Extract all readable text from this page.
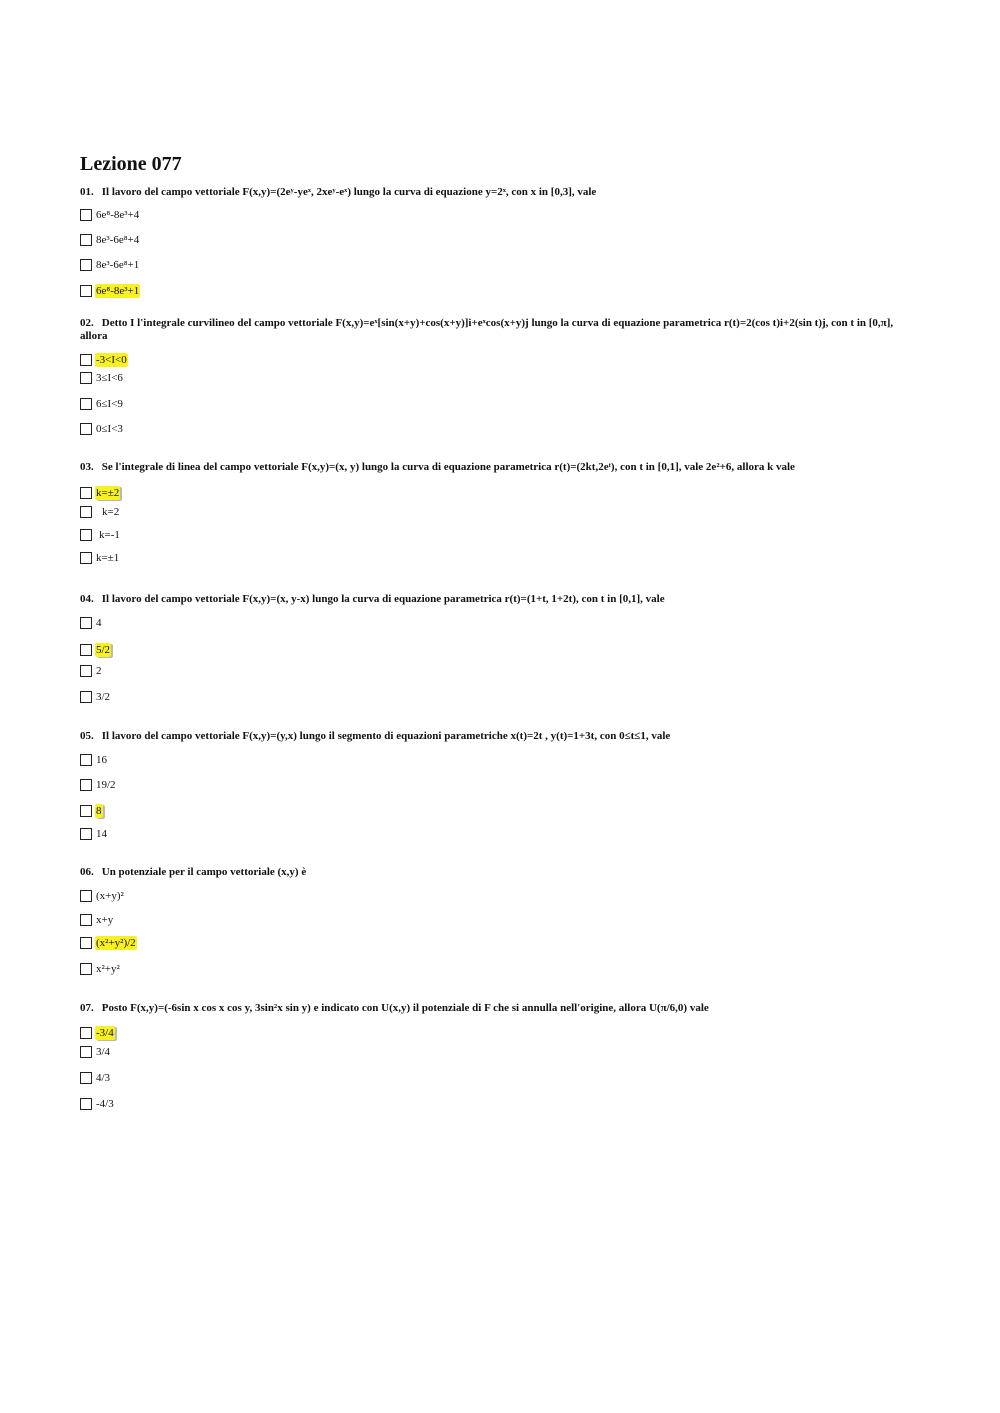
Lezione 077
01. Il lavoro del campo vettoriale F(x,y)=(2eʸ-yeˣ, 2xeʸ-eˣ) lungo la curva di equazione y=2ˣ, con x in [0,3], vale
6e⁸-8e³+4
8e³-6e⁸+4
8e³-6e⁸+1
6e⁸-8e³+1
02. Detto I l'integrale curvilineo del campo vettoriale F(x,y)=eˣ[sin(x+y)+cos(x+y)]i+eˣcos(x+y)j lungo la curva di equazione parametrica r(t)=2(cos t)i+2(sin t)j, con t in [0,π], allora
-3<I<0
3≤I<6
6≤I<9
0≤I<3
03. Se l'integrale di linea del campo vettoriale F(x,y)=(x, y) lungo la curva di equazione parametrica r(t)=(2kt,2eᵗ), con t in [0,1], vale 2e²+6, allora k vale
k=±2
k=2
k=-1
k=±1
04. Il lavoro del campo vettoriale F(x,y)=(x, y-x) lungo la curva di equazione parametrica r(t)=(1+t, 1+2t), con t in [0,1], vale
4
5/2
2
3/2
05. Il lavoro del campo vettoriale F(x,y)=(y,x) lungo il segmento di equazioni parametriche x(t)=2t , y(t)=1+3t, con 0≤t≤1, vale
16
19/2
8
14
06. Un potenziale per il campo vettoriale (x,y) è
(x+y)²
x+y
(x²+y²)/2
x²+y²
07. Posto F(x,y)=(-6sin x cos x cos y, 3sin²x sin y) e indicato con U(x,y) il potenziale di F che si annulla nell'origine, allora U(π/6,0) vale
-3/4
3/4
4/3
-4/3
